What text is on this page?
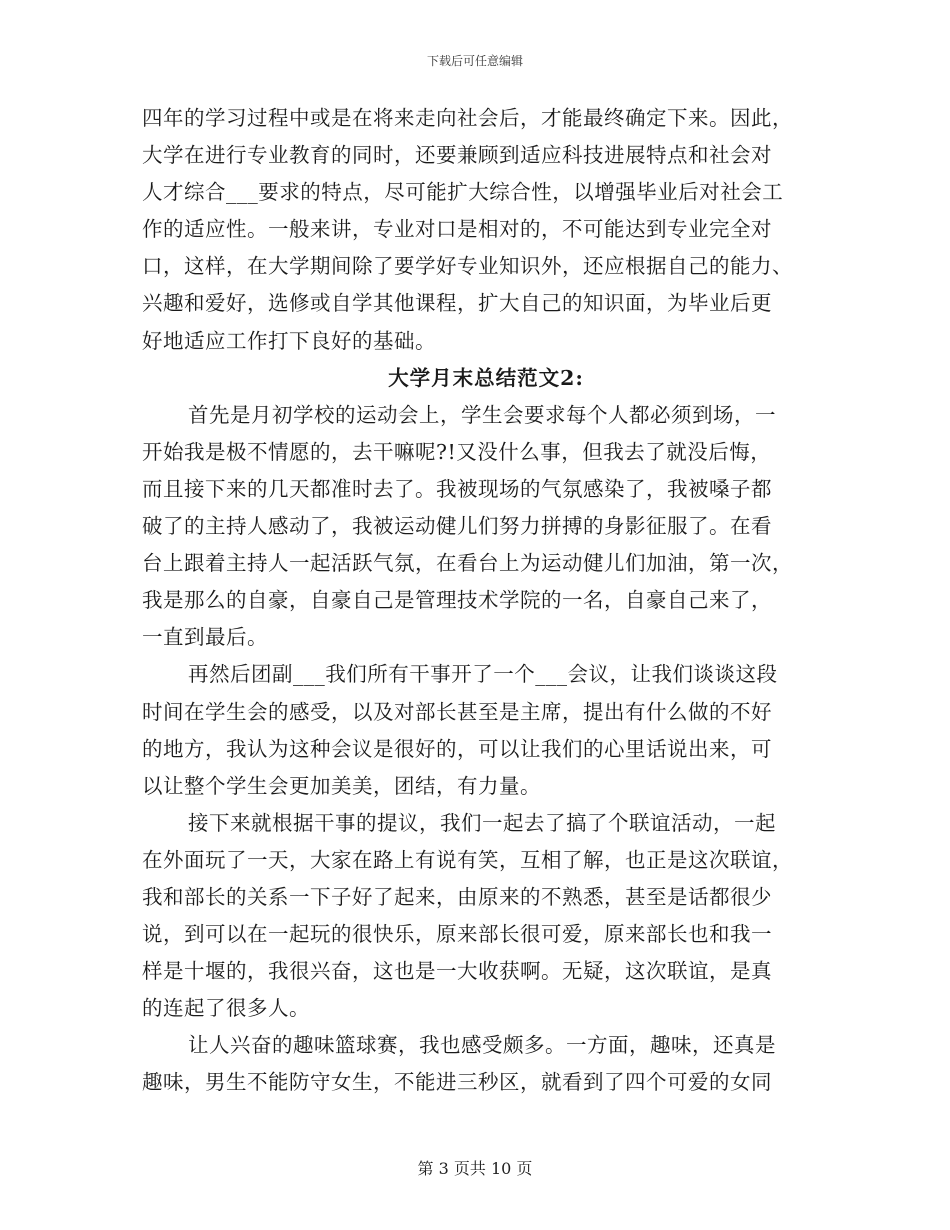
下载后可任意编辑
四年的学习过程中或是在将来走向社会后，才能最终确定下来。因此，
大学在进行专业教育的同时，还要兼顾到适应科技进展特点和社会对
人才综合___要求的特点，尽可能扩大综合性，以增强毕业后对社会工
作的适应性。一般来讲，专业对口是相对的，不可能达到专业完全对
口，这样，在大学期间除了要学好专业知识外，还应根据自己的能力、
兴趣和爱好，选修或自学其他课程，扩大自己的知识面，为毕业后更
好地适应工作打下良好的基础。
大学月末总结范文2:
首先是月初学校的运动会上，学生会要求每个人都必须到场，一
开始我是极不情愿的，去干嘛呢?!又没什么事，但我去了就没后悔，
而且接下来的几天都准时去了。我被现场的气氛感染了，我被嗓子都
破了的主持人感动了，我被运动健儿们努力拼搏的身影征服了。在看
台上跟着主持人一起活跃气氛，在看台上为运动健儿们加油，第一次，
我是那么的自豪，自豪自己是管理技术学院的一名，自豪自己来了，
一直到最后。
再然后团副___我们所有干事开了一个___会议，让我们谈谈这段
时间在学生会的感受，以及对部长甚至是主席，提出有什么做的不好
的地方，我认为这种会议是很好的，可以让我们的心里话说出来，可
以让整个学生会更加美美，团结，有力量。
接下来就根据干事的提议，我们一起去了搞了个联谊活动，一起
在外面玩了一天，大家在路上有说有笑，互相了解，也正是这次联谊，
我和部长的关系一下子好了起来，由原来的不熟悉，甚至是话都很少
说，到可以在一起玩的很快乐，原来部长很可爱，原来部长也和我一
样是十堰的，我很兴奋，这也是一大收获啊。无疑，这次联谊，是真
的连起了很多人。
让人兴奋的趣味篮球赛，我也感受颇多。一方面，趣味，还真是
趣味，男生不能防守女生，不能进三秒区，就看到了四个可爱的女同
第 3 页共 10 页
